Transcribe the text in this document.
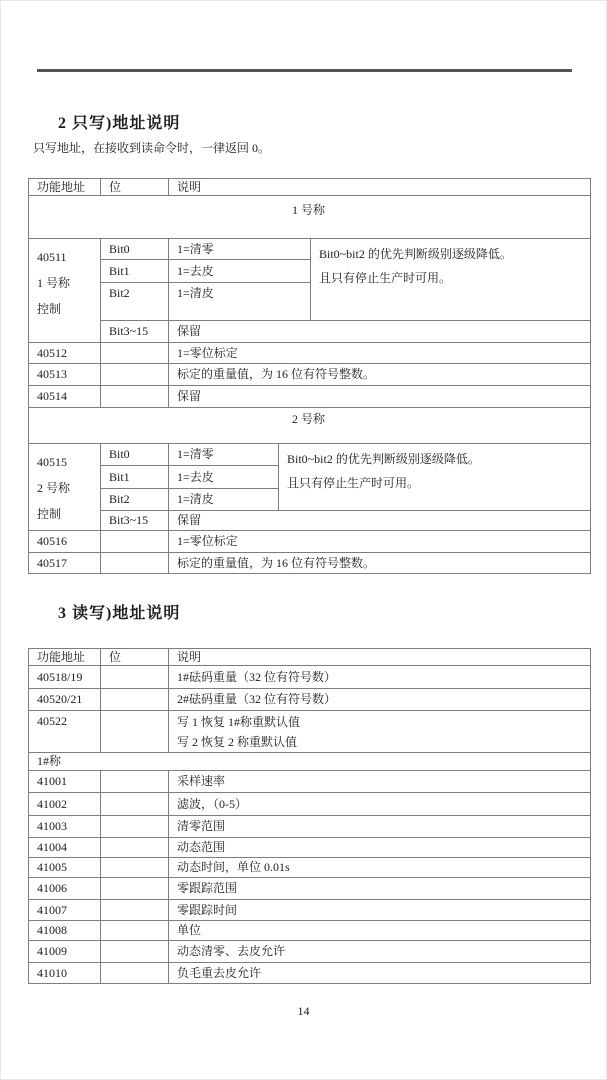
2 只写)地址说明
只写地址，在接收到读命令时，一律返回 0。
功能地址	位	说明		
1 号称				
40511
1 号称
控制	Bit0	1=清零		Bit0~bit2 的优先判断级别逐级降低。
且只有停止生产时可用。
	Bit1	1=去皮		
	Bit2	1=清皮		
	Bit3~15	保留		
40512		1=零位标定		
40513		标定的重量值，为 16 位有符号整数。		
40514		保留		
2 号称				
40515
2 号称
控制	Bit0	1=清零	Bit0~bit2 的优先判断级别逐级降低。
且只有停止生产时可用。	
	Bit1	1=去皮		
	Bit2	1=清皮		
	Bit3~15	保留		
40516		1=零位标定		
40517		标定的重量值，为 16 位有符号整数。		
3 读写)地址说明
功能地址	位	说明
40518/19		1#砝码重量（32 位有符号数）
40520/21		2#砝码重量（32 位有符号数）
40522		写 1 恢复 1#称重默认值
写 2 恢复 2 称重默认值
1#称		
41001		采样速率
41002		滤波，（0-5）
41003		清零范围
41004		动态范围
41005		动态时间，单位 0.01s
41006		零跟踪范围
41007		零跟踪时间
41008		单位
41009		动态清零、去皮允许
41010		负毛重去皮允许
14
